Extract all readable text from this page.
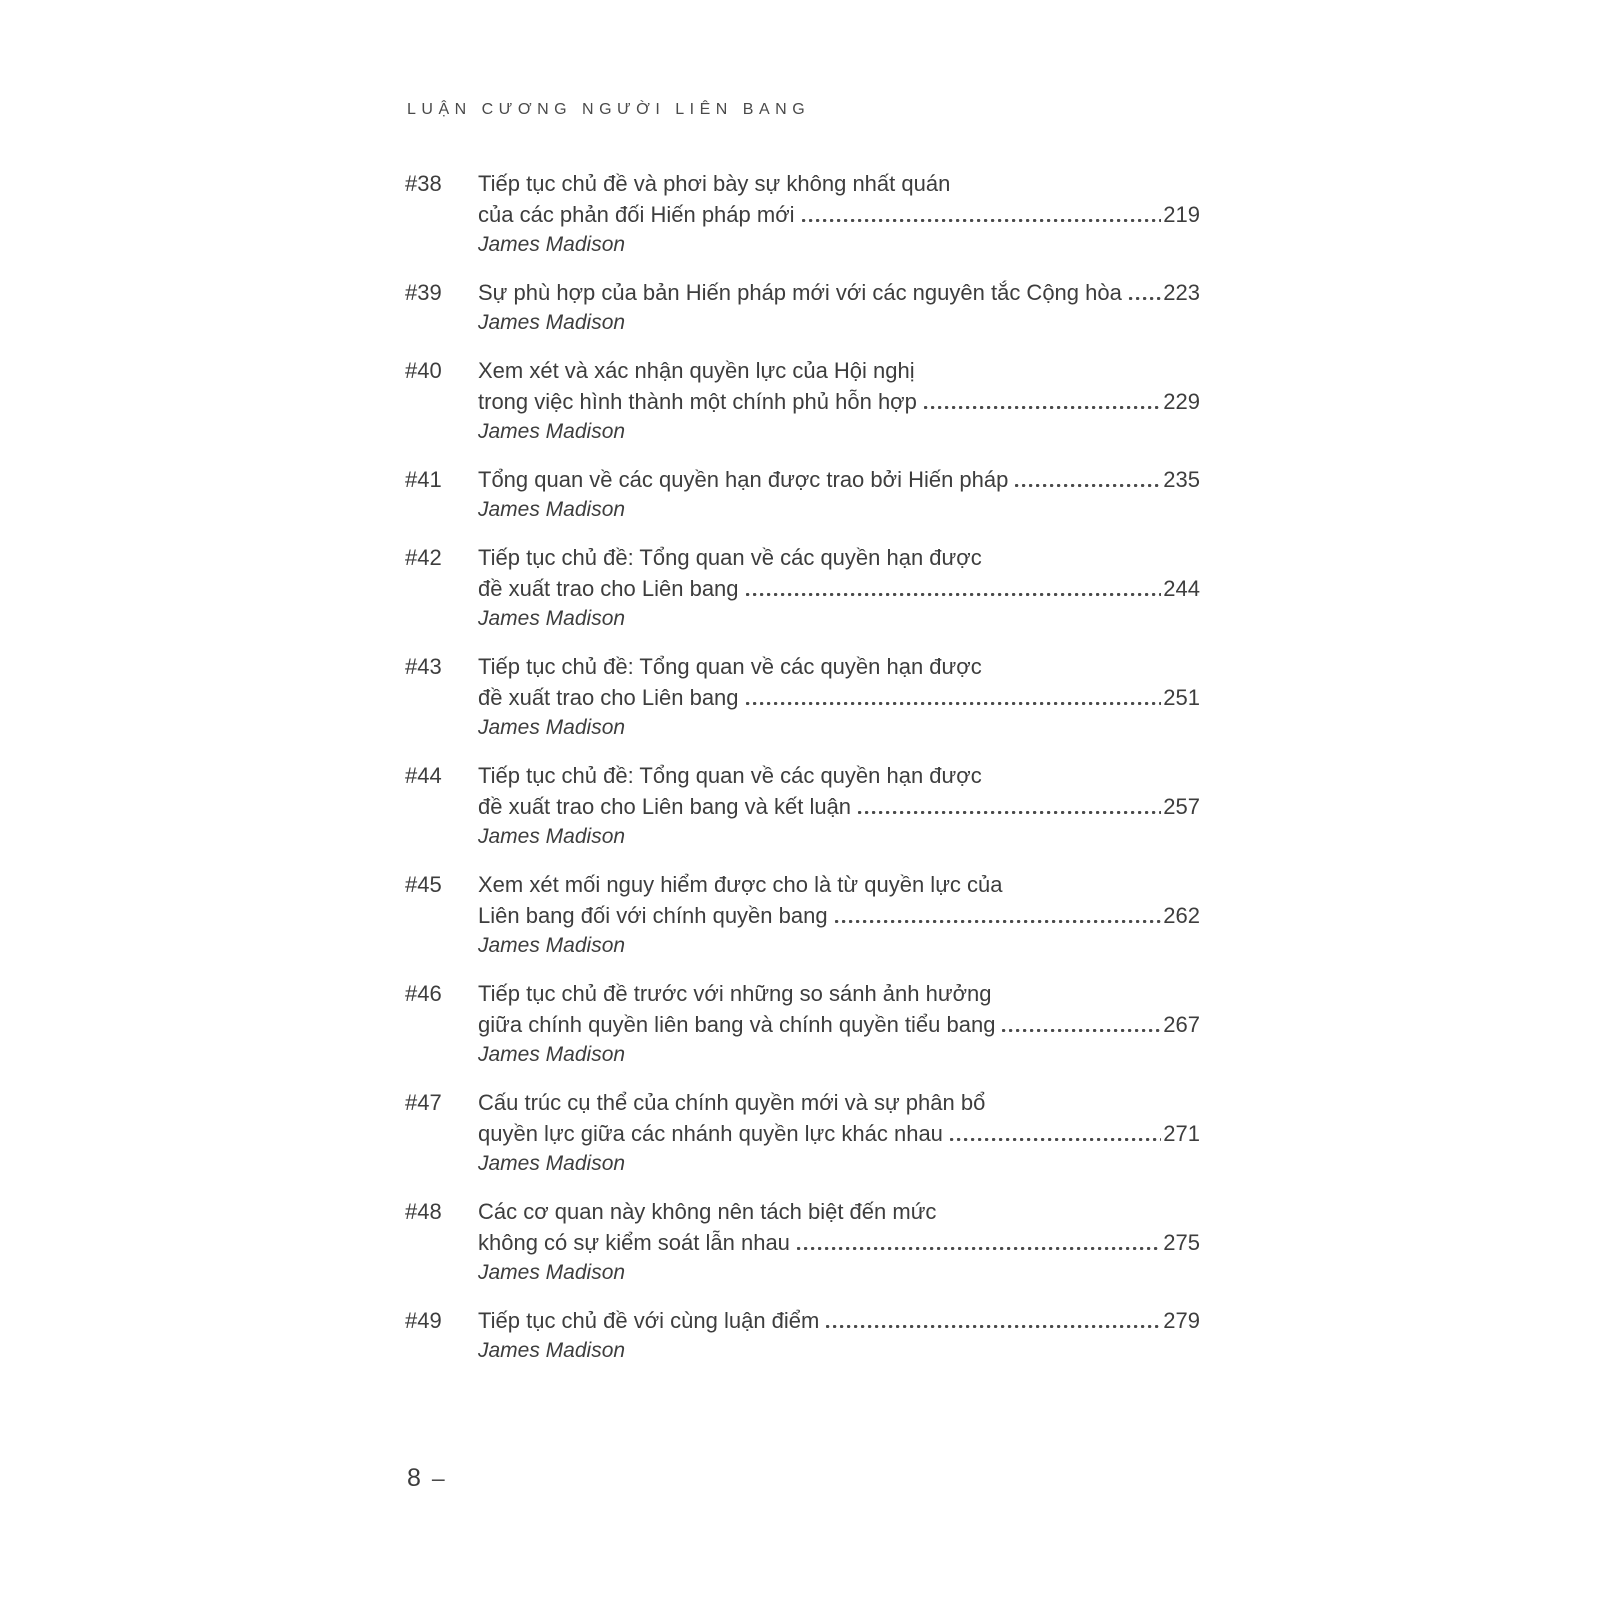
LUẬN CƯƠNG NGƯỜI LIÊN BANG
#38	Tiếp tục chủ đề và phơi bày sự không nhất quán
của các phản đối Hiến pháp mới	219
James Madison
#39	Sự phù hợp của bản Hiến pháp mới với các nguyên tắc Cộng hòa 223
James Madison
#40	Xem xét và xác nhận quyền lực của Hội nghị
trong việc hình thành một chính phủ hỗn hợp	229
James Madison
#41	Tổng quan về các quyền hạn được trao bởi Hiến pháp	235
James Madison
#42	Tiếp tục chủ đề: Tổng quan về các quyền hạn được
đề xuất trao cho Liên bang	244
James Madison
#43	Tiếp tục chủ đề: Tổng quan về các quyền hạn được
đề xuất trao cho Liên bang	251
James Madison
#44	Tiếp tục chủ đề: Tổng quan về các quyền hạn được
đề xuất trao cho Liên bang và kết luận	257
James Madison
#45	Xem xét mối nguy hiểm được cho là từ quyền lực của
Liên bang đối với chính quyền bang	262
James Madison
#46	Tiếp tục chủ đề trước với những so sánh ảnh hưởng
giữa chính quyền liên bang và chính quyền tiểu bang	267
James Madison
#47	Cấu trúc cụ thể của chính quyền mới và sự phân bổ
quyền lực giữa các nhánh quyền lực khác nhau	271
James Madison
#48	Các cơ quan này không nên tách biệt đến mức
không có sự kiểm soát lẫn nhau	275
James Madison
#49	Tiếp tục chủ đề với cùng luận điểm	279
James Madison
8 –
